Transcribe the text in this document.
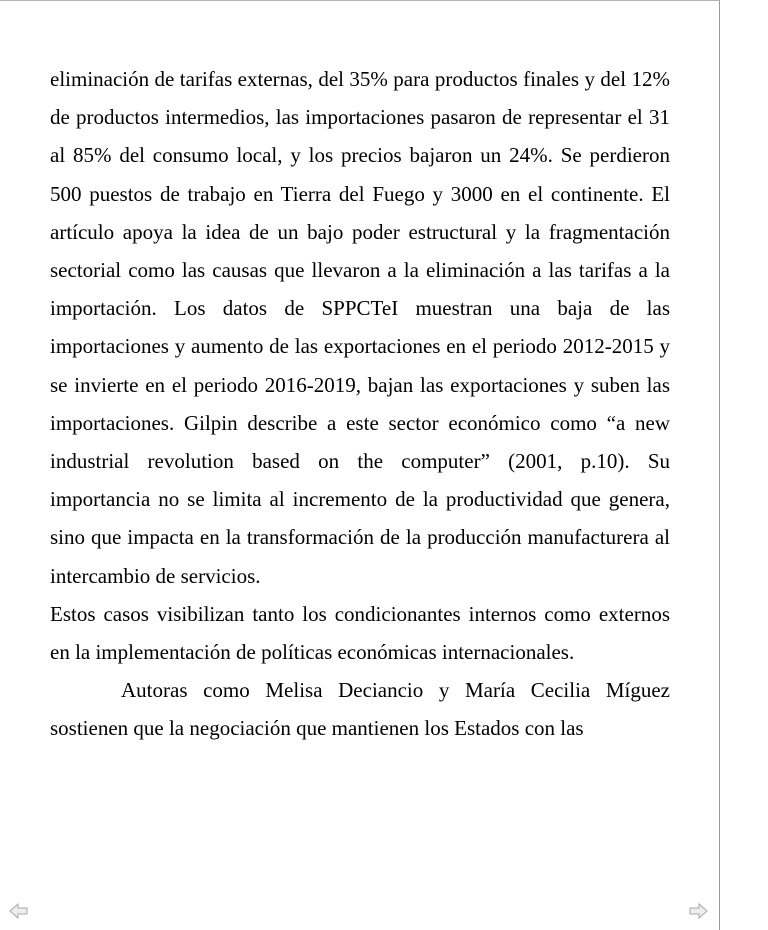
eliminación de tarifas externas, del 35% para productos finales y del 12% de productos intermedios, las importaciones pasaron de representar el 31 al 85% del consumo local, y los precios bajaron un 24%. Se perdieron 500 puestos de trabajo en Tierra del Fuego y 3000 en el continente. El artículo apoya la idea de un bajo poder estructural y la fragmentación sectorial como las causas que llevaron a la eliminación a las tarifas a la importación. Los datos de SPPCTeI muestran una baja de las importaciones y aumento de las exportaciones en el periodo 2012-2015 y se invierte en el periodo 2016-2019, bajan las exportaciones y suben las importaciones. Gilpin describe a este sector económico como “a new industrial revolution based on the computer” (2001, p.10). Su importancia no se limita al incremento de la productividad que genera, sino que impacta en la transformación de la producción manufacturera al intercambio de servicios.

Estos casos visibilizan tanto los condicionantes internos como externos en la implementación de políticas económicas internacionales.

Autoras como Melisa Deciancio y María Cecilia Míguez sostienen que la negociación que mantienen los Estados con las
